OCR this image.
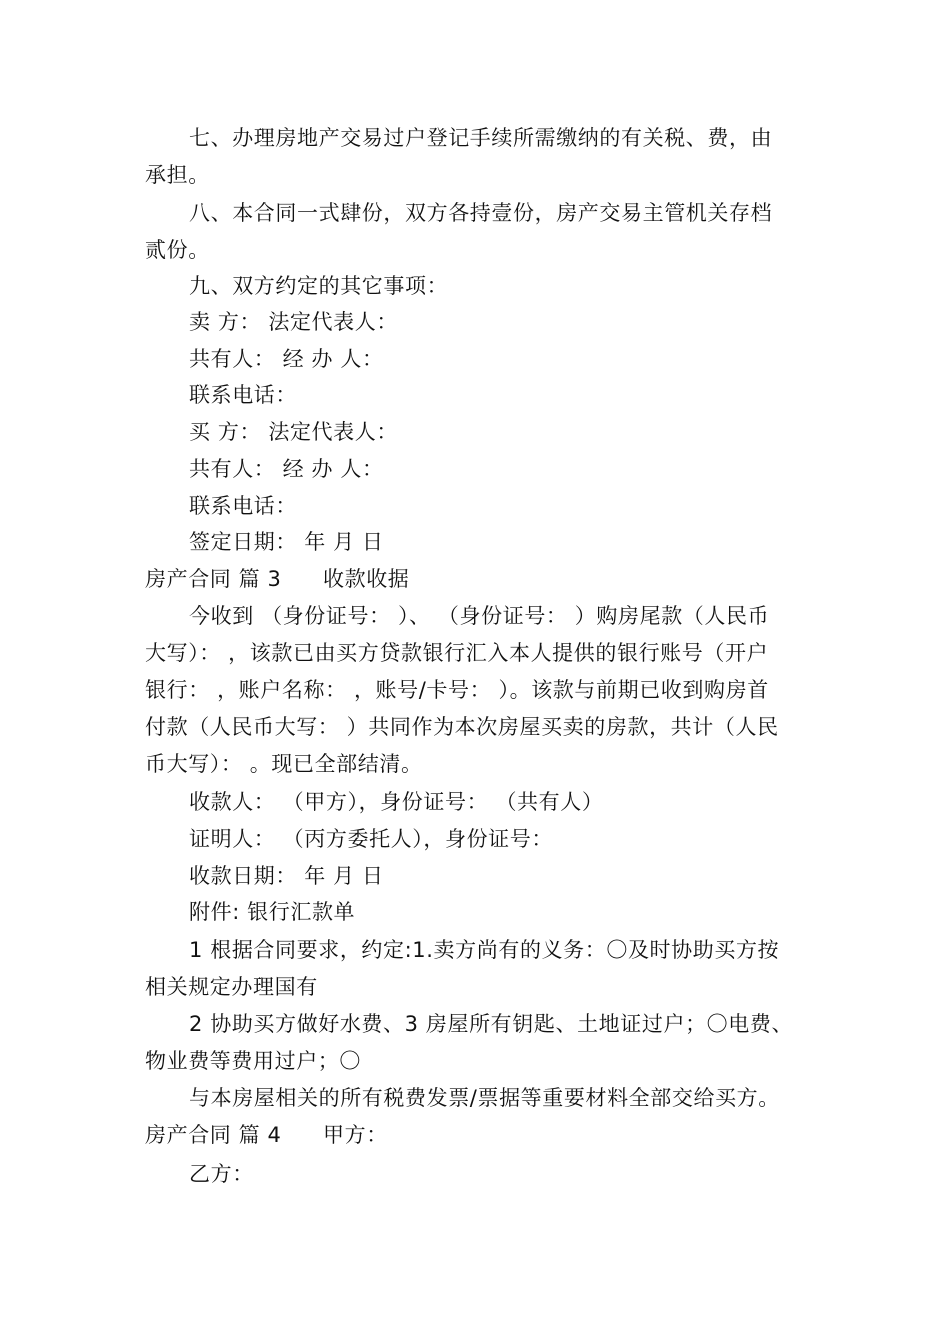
七、办理房地产交易过户登记手续所需缴纳的有关税、费，由
承担。
八、本合同一式肆份，双方各持壹份，房产交易主管机关存档
贰份。
九、双方约定的其它事项：
卖 方： 法定代表人：
共有人： 经 办 人：
联系电话：
买 方： 法定代表人：
共有人： 经 办 人：
联系电话：
签定日期： 年 月 日
房产合同 篇 3 收款收据
今收到 （身份证号： ）、 （身份证号： ）购房尾款（人民币
大写）： ，该款已由买方贷款银行汇入本人提供的银行账号（开户
银行： ，账户名称： ，账号/卡号： ）。该款与前期已收到购房首
付款（人民币大写： ）共同作为本次房屋买卖的房款，共计（人民
币大写）： 。现已全部结清。
收款人： （甲方），身份证号： （共有人）
证明人： （丙方委托人），身份证号：
收款日期： 年 月 日
附件: 银行汇款单
1 根据合同要求，约定:1.卖方尚有的义务：〇及时协助买方按
相关规定办理国有
2 协助买方做好水费、3 房屋所有钥匙、土地证过户；〇电费、
物业费等费用过户；〇
与本房屋相关的所有税费发票/票据等重要材料全部交给买方。
房产合同 篇 4 甲方：
乙方：
